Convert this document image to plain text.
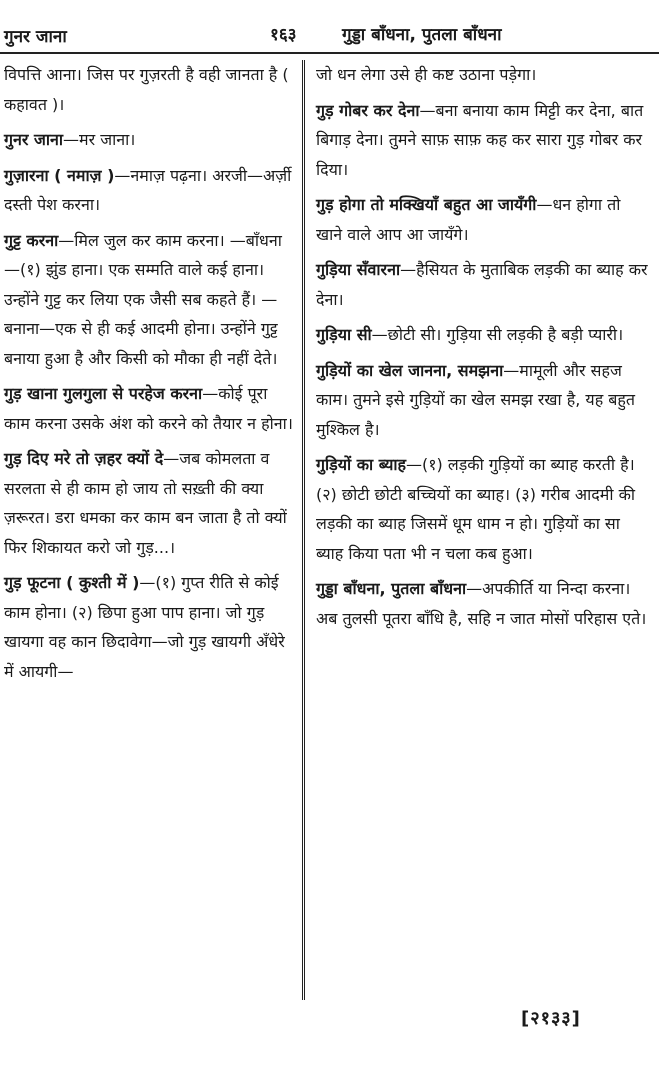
गुनर जाना	१६३	गुड्डा बाँधना, पुतला बाँधना
विपत्ति आना। जिस पर गुज़रती है वही जानता है ( कहावत )।
गुनर जाना—मर जाना।
गुज़ारना ( नमाज़ )—नमाज़ पढ़ना। अरजी—अर्ज़ी दस्ती पेश करना।
गुट्ट करना—मिल जुल कर काम करना। —बाँधना—(१) झुंड हाना। एक सम्मति वाले कई हाना। उन्होंने गुट्ट कर लिया एक जैसी सब कहते हैं। —बनाना—एक से ही कई आदमी होना। उन्होंने गुट्ट बनाया हुआ है और किसी को मौका ही नहीं देते।
गुड़ खाना गुलगुला से परहेज करना—कोई पूरा काम करना उसके अंश को करने को तैयार न होना।
गुड़ दिए मरे तो ज़हर क्यों दे—जब कोमलता व सरलता से ही काम हो जाय तो सख़्ती की क्या ज़रूरत। डरा धमका कर काम बन जाता है तो क्यों फिर शिकायत करो जो गुड़...।
गुड़ फूटना ( कुश्ती में )—(१) गुप्त रीति से कोई काम होना। (२) छिपा हुआ पाप हाना। जो गुड़ खायगा वह कान छिदावेगा—जो गुड़ खायगी अँधेरे में आयगी—
जो धन लेगा उसे ही कष्ट उठाना पड़ेगा।
गुड़ गोबर कर देना—बना बनाया काम मिट्टी कर देना, बात बिगाड़ देना। तुमने साफ़ साफ़ कह कर सारा गुड़ गोबर कर दिया।
गुड़ होगा तो मक्खियाँ बहुत आ जायँगी—धन होगा तो खाने वाले आप आ जायँगे।
गुड़िया सँवारना—हैसियत के मुताबिक लड़की का ब्याह कर देना।
गुड़िया सी—छोटी सी। गुड़िया सी लड़की है बड़ी प्यारी।
गुड़ियों का खेल जानना, समझना—मामूली और सहज काम। तुमने इसे गुड़ियों का खेल समझ रखा है, यह बहुत मुश्किल है।
गुड़ियों का ब्याह—(१) लड़की गुड़ियों का ब्याह करती है। (२) छोटी छोटी बच्चियों का ब्याह। (३) गरीब आदमी की लड़की का ब्याह जिसमें धूम धाम न हो। गुड़ियों का सा ब्याह किया पता भी न चला कब हुआ।
गुड्डा बाँधना, पुतला बाँधना—अपकीर्ति या निन्दा करना। अब तुलसी पूतरा बाँधि है, सहि न जात मोसों परिहास एते।
[२१३३]
